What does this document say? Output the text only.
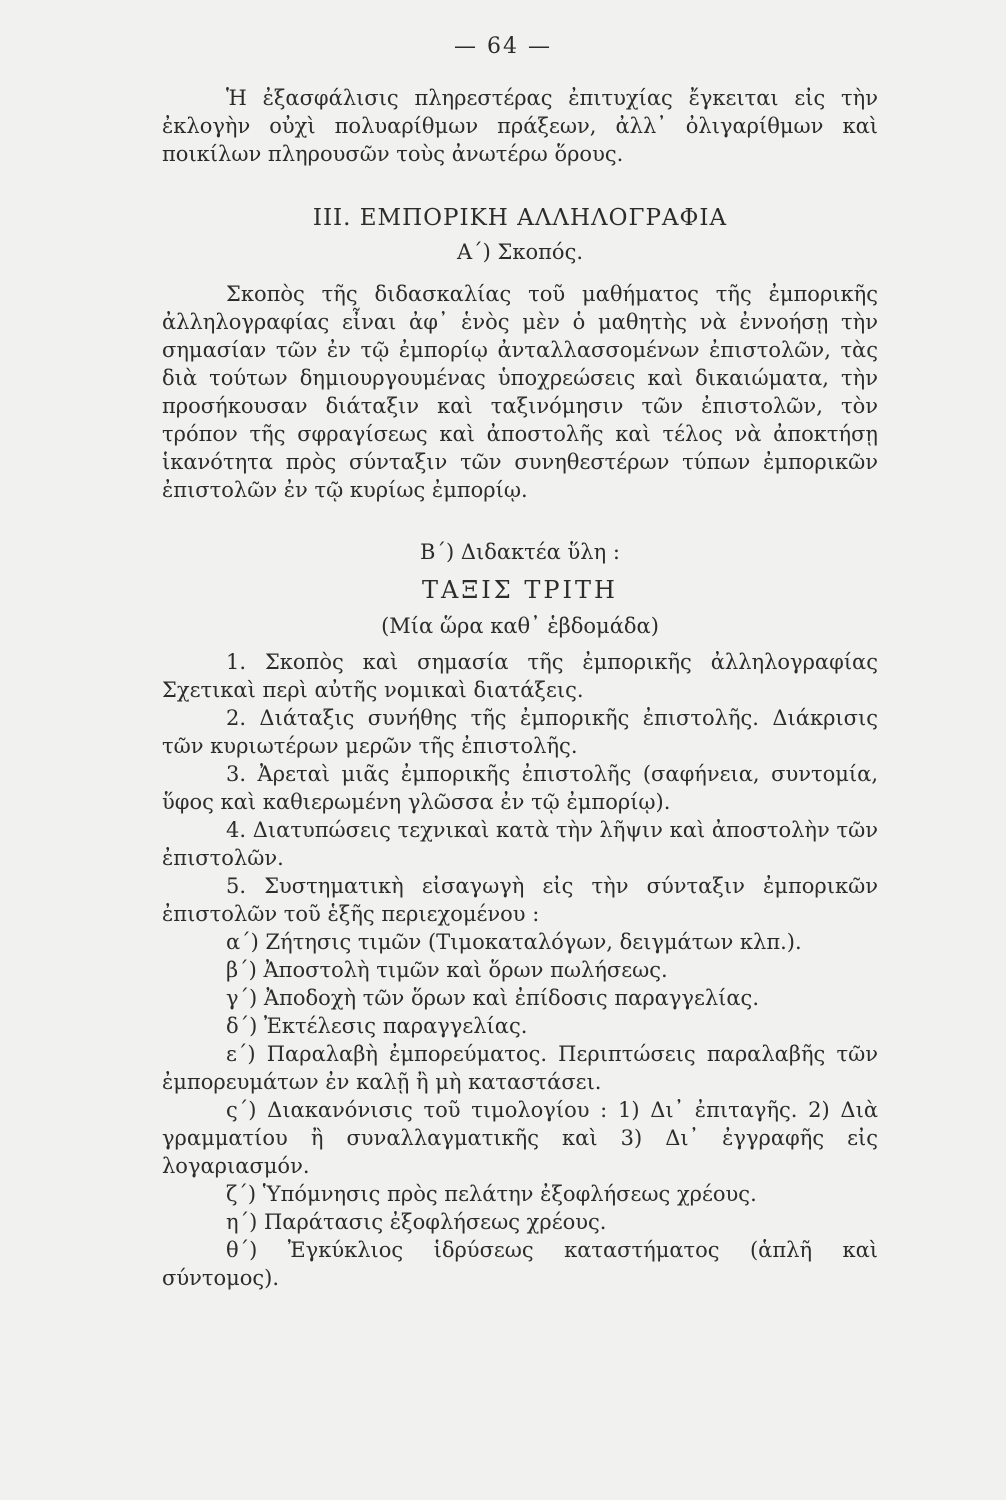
— 64 —

Ἡ ἐξασφάλισις πληρεστέρας ἐπιτυχίας ἔγκειται εἰς τὴν ἐκλογὴν οὐχὶ πολυαρίθμων πράξεων, ἀλλ᾽ ὀλιγαρίθμων καὶ ποικίλων πληρουσῶν τοὺς ἀνωτέρω ὅρους.

III. ΕΜΠΟΡΙΚΗ ΑΛΛΗΛΟΓΡΑΦΙΑ

Α´) Σκοπός.

Σκοπὸς τῆς διδασκαλίας τοῦ μαθήματος τῆς ἐμπορικῆς ἀλληλογραφίας εἶναι ἀφ᾽ ἑνὸς μὲν ὁ μαθητὴς νὰ ἐννοήσῃ τὴν σημασίαν τῶν ἐν τῷ ἐμπορίῳ ἀνταλλασσομένων ἐπιστολῶν, τὰς διὰ τούτων δημιουργουμένας ὑποχρεώσεις καὶ δικαιώματα, τὴν προσήκουσαν διάταξιν καὶ ταξινόμησιν τῶν ἐπιστολῶν, τὸν τρόπον τῆς σφραγίσεως καὶ ἀποστολῆς καὶ τέλος νὰ ἀποκτήσῃ ἱκανότητα πρὸς σύνταξιν τῶν συνηθεστέρων τύπων ἐμπορικῶν ἐπιστολῶν ἐν τῷ κυρίως ἐμπορίῳ.

Β´) Διδακτέα ὕλη :

ΤΑΞΙΣ ΤΡΙΤΗ

(Μία ὥρα καθ᾽ ἑβδομάδα)

1. Σκοπὸς καὶ σημασία τῆς ἐμπορικῆς ἀλληλογραφίας Σχετικαὶ περὶ αὐτῆς νομικαὶ διατάξεις.

2. Διάταξις συνήθης τῆς ἐμπορικῆς ἐπιστολῆς. Διάκρισις τῶν κυριωτέρων μερῶν τῆς ἐπιστολῆς.

3. Ἀρεταὶ μιᾶς ἐμπορικῆς ἐπιστολῆς (σαφήνεια, συντομία, ὕφος καὶ καθιερωμένη γλῶσσα ἐν τῷ ἐμπορίῳ).

4. Διατυπώσεις τεχνικαὶ κατὰ τὴν λῆψιν καὶ ἀποστολὴν τῶν ἐπιστολῶν.

5. Συστηματικὴ εἰσαγωγὴ εἰς τὴν σύνταξιν ἐμπορικῶν ἐπιστολῶν τοῦ ἑξῆς περιεχομένου :

α´) Ζήτησις τιμῶν (Τιμοκαταλόγων, δειγμάτων κλπ.).

β´) Ἀποστολὴ τιμῶν καὶ ὅρων πωλήσεως.

γ´) Ἀποδοχὴ τῶν ὅρων καὶ ἐπίδοσις παραγγελίας.

δ´) Ἐκτέλεσις παραγγελίας.

ε´) Παραλαβὴ ἐμπορεύματος. Περιπτώσεις παραλαβῆς τῶν ἐμπορευμάτων ἐν καλῇ ἢ μὴ καταστάσει.

ς´) Διακανόνισις τοῦ τιμολογίου : 1) Δι᾽ ἐπιταγῆς. 2) Διὰ γραμματίου ἢ συναλλαγματικῆς καὶ 3) Δι᾽ ἐγγραφῆς εἰς λογαριασμόν.

ζ´) Ὑπόμνησις πρὸς πελάτην ἐξοφλήσεως χρέους.

η´) Παράτασις ἐξοφλήσεως χρέους.

θ´) Ἐγκύκλιος ἱδρύσεως καταστήματος (ἁπλῆ καὶ σύντομος).
